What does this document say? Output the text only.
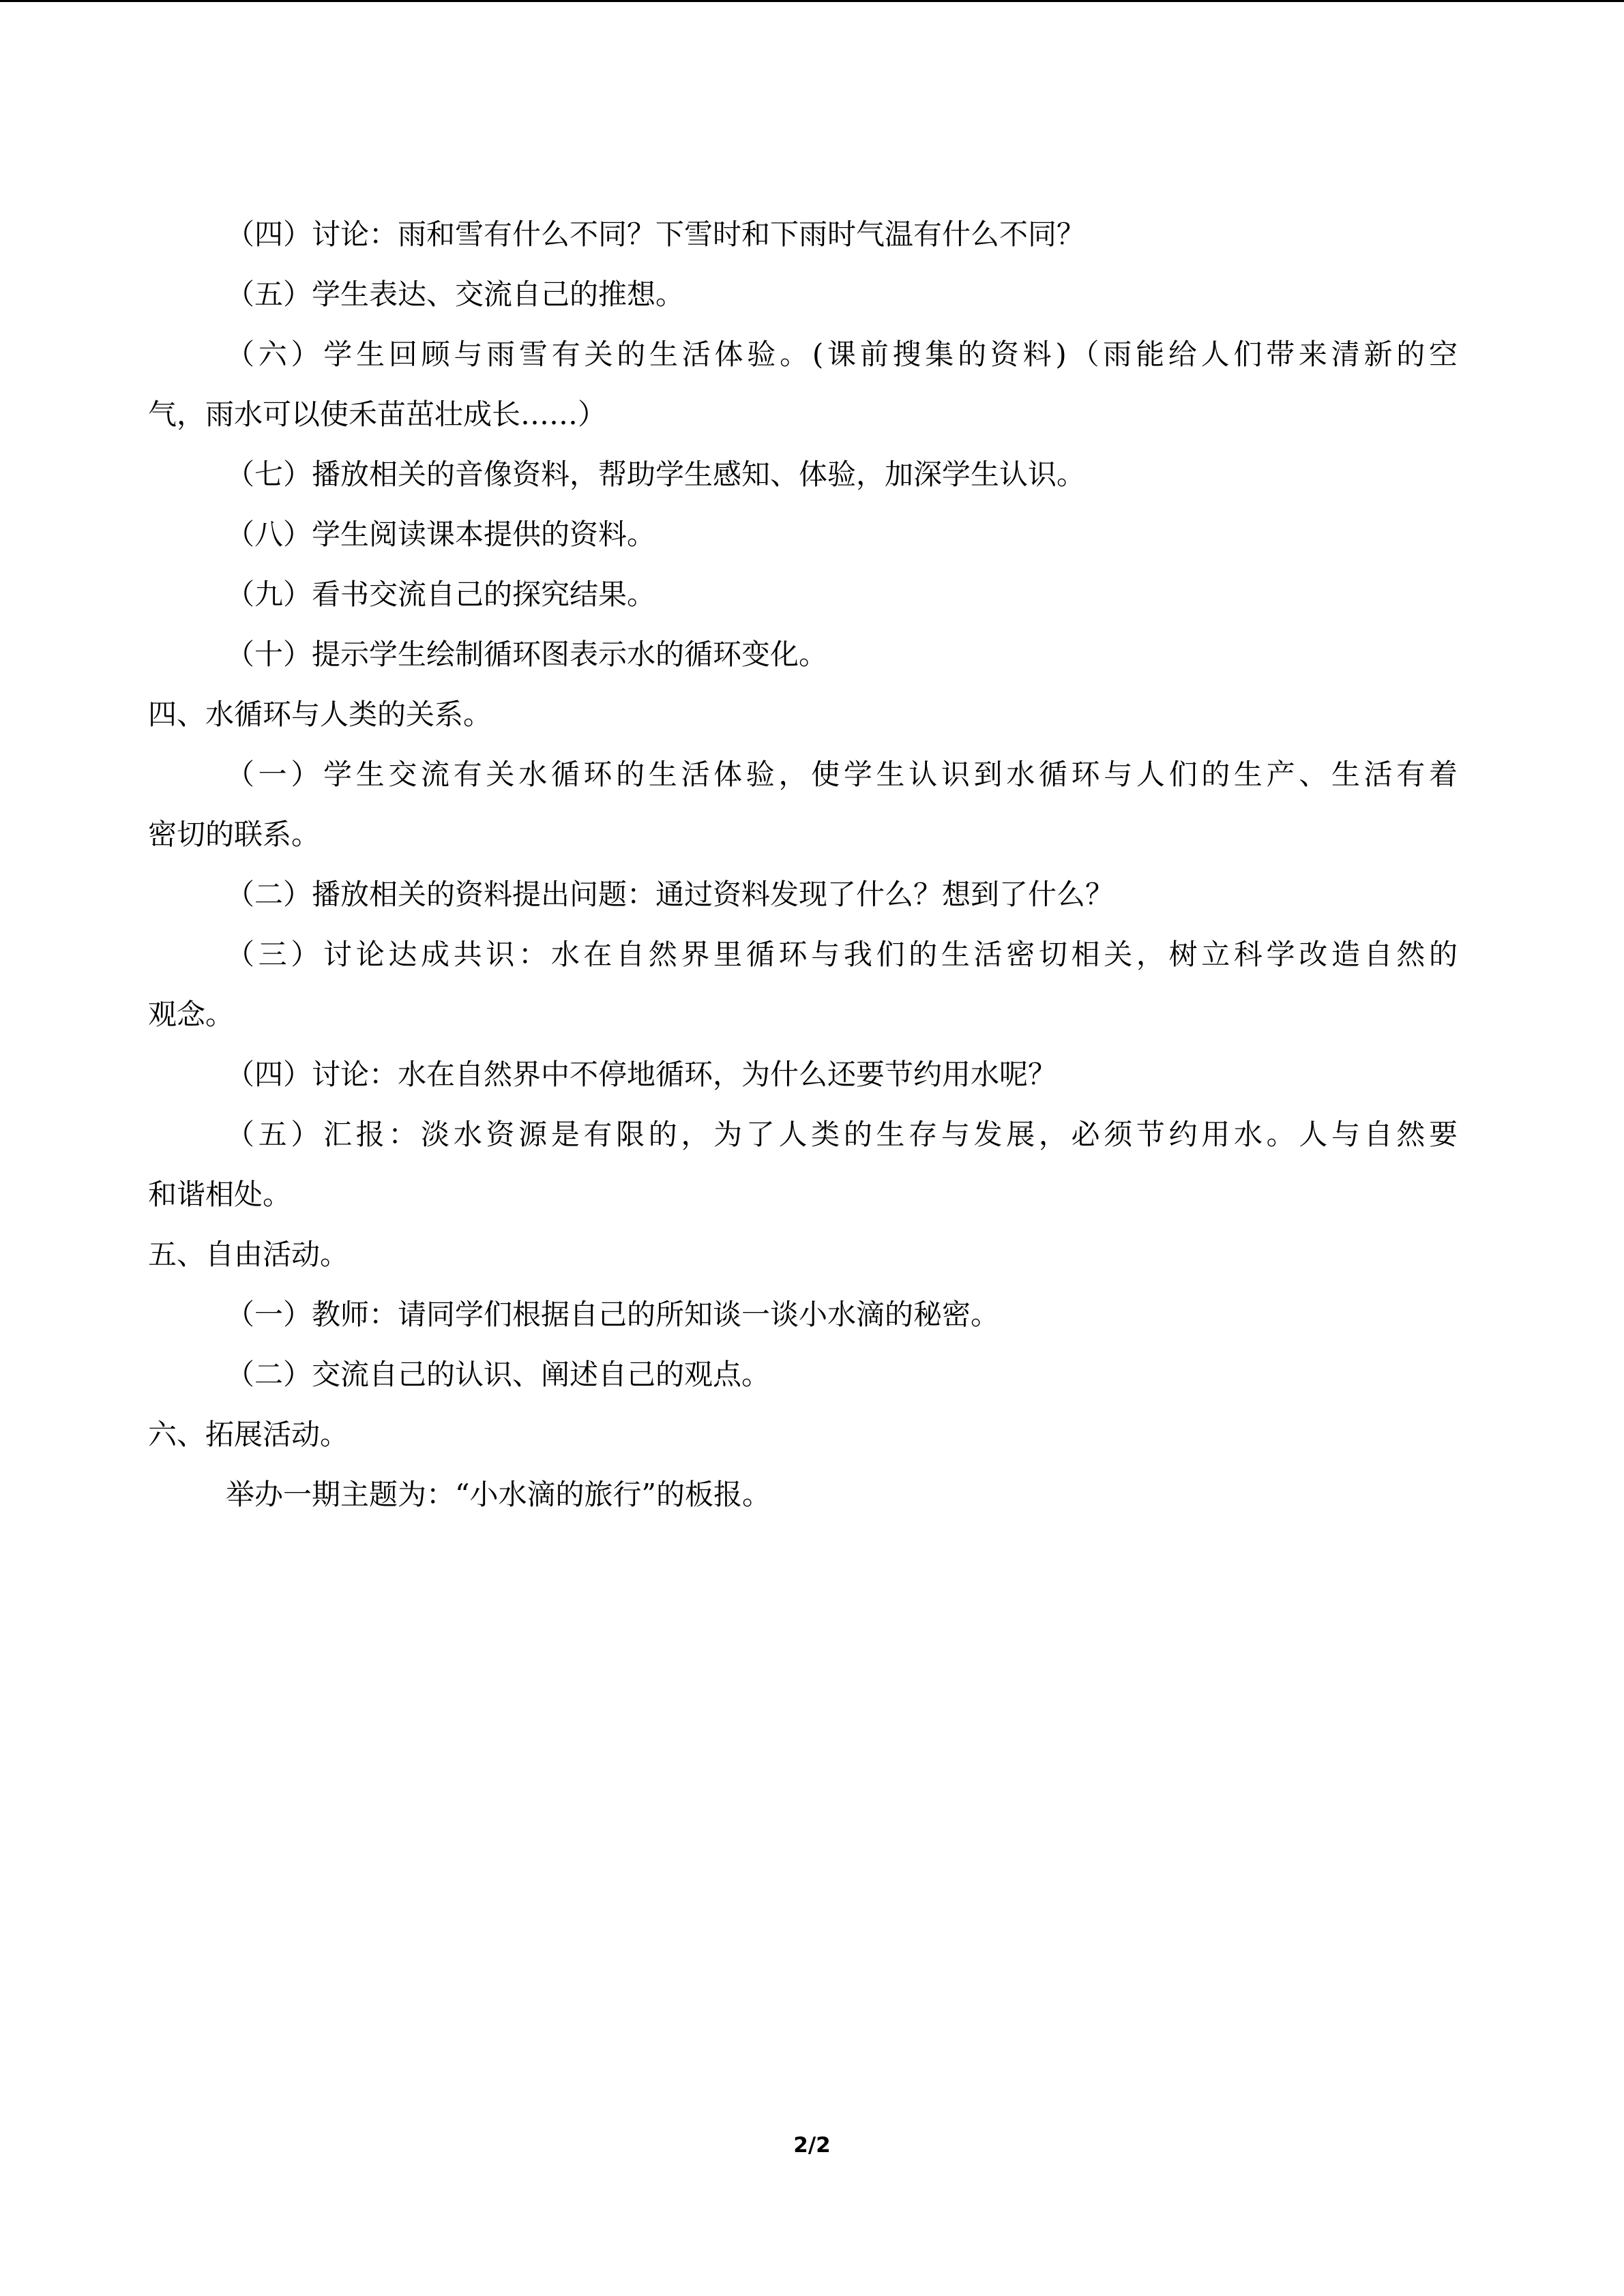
（四）讨论：雨和雪有什么不同？下雪时和下雨时气温有什么不同？
（五）学生表达、交流自己的推想。
（六）学生回顾与雨雪有关的生活体验。(课前搜集的资料)（雨能给人们带来清新的空
气，雨水可以使禾苗茁壮成长……）
（七）播放相关的音像资料，帮助学生感知、体验，加深学生认识。
（八）学生阅读课本提供的资料。
（九）看书交流自己的探究结果。
（十）提示学生绘制循环图表示水的循环变化。
四、水循环与人类的关系。
（一）学生交流有关水循环的生活体验，使学生认识到水循环与人们的生产、生活有着
密切的联系。
（二）播放相关的资料提出问题：通过资料发现了什么？想到了什么？
（三）讨论达成共识：水在自然界里循环与我们的生活密切相关，树立科学改造自然的
观念。
（四）讨论：水在自然界中不停地循环，为什么还要节约用水呢？
（五）汇报：淡水资源是有限的，为了人类的生存与发展，必须节约用水。人与自然要
和谐相处。
五、自由活动。
（一）教师：请同学们根据自己的所知谈一谈小水滴的秘密。
（二）交流自己的认识、阐述自己的观点。
六、拓展活动。
举办一期主题为：“小水滴的旅行”的板报。
2/2
